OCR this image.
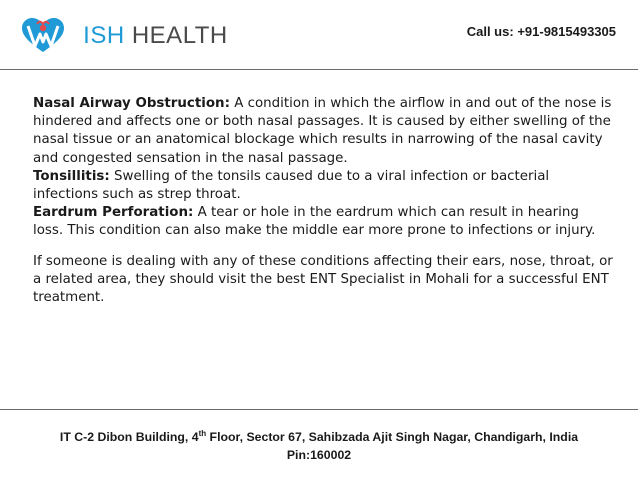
ISH HEALTH	Call us: +91-9815493305

Nasal Airway Obstruction: A condition in which the airflow in and out of the nose is hindered and affects one or both nasal passages. It is caused by either swelling of the nasal tissue or an anatomical blockage which results in narrowing of the nasal cavity and congested sensation in the nasal passage.

Tonsillitis: Swelling of the tonsils caused due to a viral infection or bacterial infections such as strep throat.

Eardrum Perforation: A tear or hole in the eardrum which can result in hearing loss. This condition can also make the middle ear more prone to infections or injury.

If someone is dealing with any of these conditions affecting their ears, nose, throat, or a related area, they should visit the best ENT Specialist in Mohali for a successful ENT treatment.

IT C-2 Dibon Building, 4th Floor, Sector 67, Sahibzada Ajit Singh Nagar, Chandigarh, India
Pin:160002
